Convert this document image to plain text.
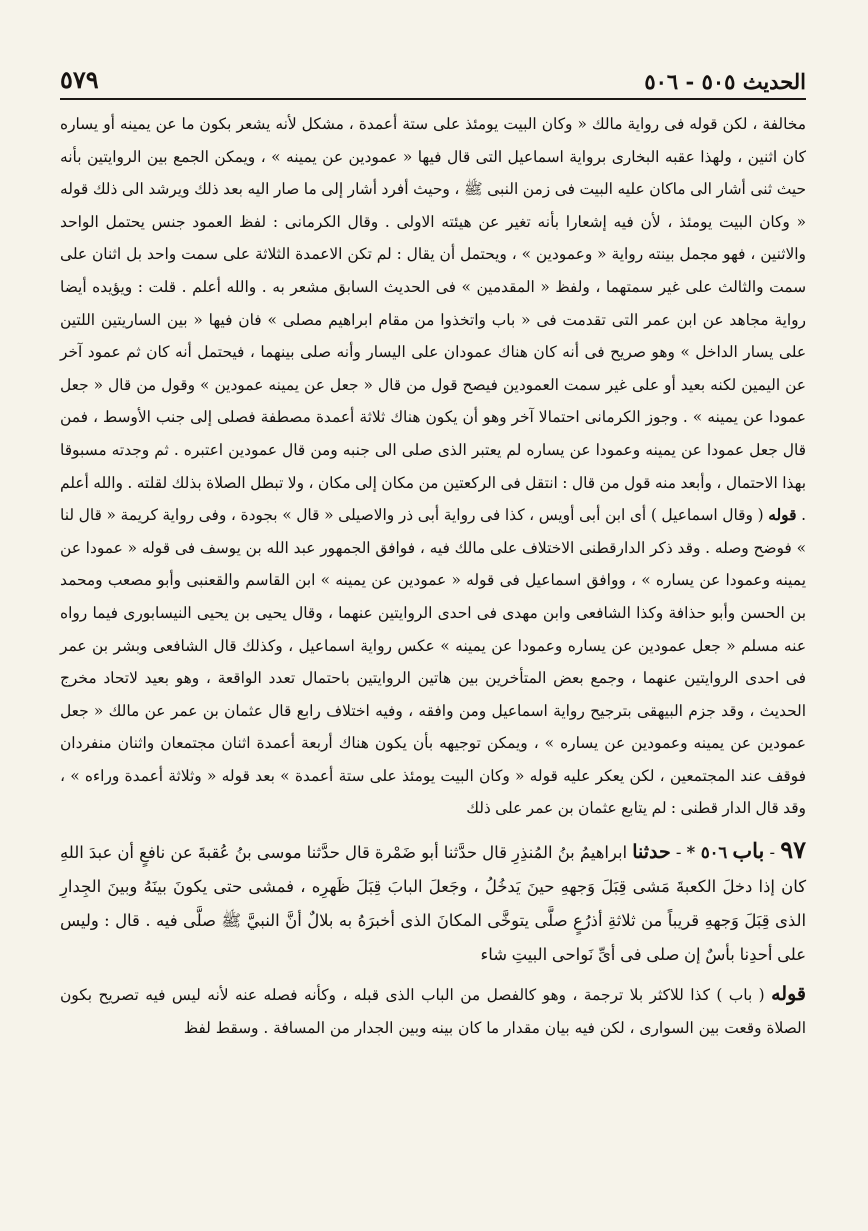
الحديث ٥٠٥ - ٥٠٦
٥٧٩

مخالفة ، لكن قوله فى رواية مالك « وكان البيت يومئذ على ستة أعمدة ، مشكل لأنه يشعر بكون ما عن يمينه أو يساره كان اثنين ، ولهذا عقبه البخارى برواية اسماعيل التى قال فيها « عمودين عن يمينه » ، ويمكن الجمع بين الروايتين بأنه حيث ثنى أشار الى ماكان عليه البيت فى زمن النبى ﷺ ، وحيث أفرد أشار إلى ما صار اليه بعد ذلك ويرشد الى ذلك قوله « وكان البيت يومئذ ، لأن فيه إشعارا بأنه تغير عن هيئته الاولى . وقال الكرمانى : لفظ العمود جنس يحتمل الواحد والاثنين ، فهو مجمل بينته رواية « وعمودين » ، ويحتمل أن يقال : لم تكن الاعمدة الثلاثة على سمت واحد بل اثنان على سمت والثالث على غير سمتهما ، ولفظ « المقدمين » فى الحديث السابق مشعر به . والله أعلم . قلت : ويؤيده أيضا رواية مجاهد عن ابن عمر التى تقدمت فى « باب واتخذوا من مقام ابراهيم مصلى » فان فيها « بين الساريتين اللتين على يسار الداخل » وهو صريح فى أنه كان هناك عمودان على اليسار وأنه صلى بينهما ، فيحتمل أنه كان ثم عمود آخر عن اليمين لكنه بعيد أو على غير سمت العمودين فيصح قول من قال « جعل عن يمينه عمودين » وقول من قال « جعل عمودا عن يمينه » . وجوز الكرمانى احتمالا آخر وهو أن يكون هناك ثلاثة أعمدة مصطفة فصلى إلى جنب الأوسط ، فمن قال جعل عمودا عن يمينه وعمودا عن يساره لم يعتبر الذى صلى الى جنبه ومن قال عمودين اعتبره . ثم وجدته مسبوقا بهذا الاحتمال ، وأبعد منه قول من قال : انتقل فى الركعتين من مكان إلى مكان ، ولا تبطل الصلاة بذلك لقلته . والله أعلم . قوله ( وقال اسماعيل ) أى ابن أبى أويس ، كذا فى رواية أبى ذر والاصيلى « قال » بجودة ، وفى رواية كريمة « قال لنا » فوضح وصله . وقد ذكر الدارقطنى الاختلاف على مالك فيه ، فوافق الجمهور عبد الله بن يوسف فى قوله « عمودا عن يمينه وعمودا عن يساره » ، ووافق اسماعيل فى قوله « عمودين عن يمينه » ابن القاسم والقعنبى وأبو مصعب ومحمد بن الحسن وأبو حذافة وكذا الشافعى وابن مهدى فى احدى الروايتين عنهما ، وقال يحيى بن يحيى النيسابورى فيما رواه عنه مسلم « جعل عمودين عن يساره وعمودا عن يمينه » عكس رواية اسماعيل ، وكذلك قال الشافعى وبشر بن عمر فى احدى الروايتين عنهما ، وجمع بعض المتأخرين بين هاتين الروايتين باحتمال تعدد الواقعة ، وهو بعيد لاتحاد مخرج الحديث ، وقد جزم البيهقى بترجيح رواية اسماعيل ومن وافقه ، وفيه اختلاف رابع قال عثمان بن عمر عن مالك « جعل عمودين عن يمينه وعمودين عن يساره » ، ويمكن توجيهه بأن يكون هناك أربعة أعمدة اثنان مجتمعان واثنان منفردان فوقف عند المجتمعين ، لكن يعكر عليه قوله « وكان البيت يومئذ على ستة أعمدة » بعد قوله « وثلاثة أعمدة وراءه » ، وقد قال الدار قطنى : لم يتابع عثمان بن عمر على ذلك

٩٧ - باب ٥٠٦ * - حدثنا ابراهيمُ بنُ المُنذِرِ قال حدَّثنا أبو ضَمْرة قال حدَّثنا موسى بنُ عُقبةَ عن نافعٍ أن عبدَ اللهِ كان إذا دخلَ الكعبةَ مَشى قِبَلَ وَجههِ حينَ يَدخُلُ ، وجَعلَ البابَ قِبَلَ ظَهرِه ، فمشى حتى يكونَ بينَهُ وبينَ الجِدارِ الذى قِبَلَ وَجههِ قريباً من ثلاثةِ أذرُعٍ صلَّى يتوخَّى المكانَ الذى أخبرَهُ به بلالٌ أنَّ النبيَّ ﷺ صلَّى فيه . قال : وليس على أحدِنا بأسٌ إن صلى فى أىِّ نَواحى البيتِ شاء

قوله ( باب ) كذا للاكثر بلا ترجمة ، وهو كالفصل من الباب الذى قبله ، وكأنه فصله عنه لأنه ليس فيه تصريح بكون الصلاة وقعت بين السوارى ، لكن فيه بيان مقدار ما كان بينه وبين الجدار من المسافة . وسقط لفظ
